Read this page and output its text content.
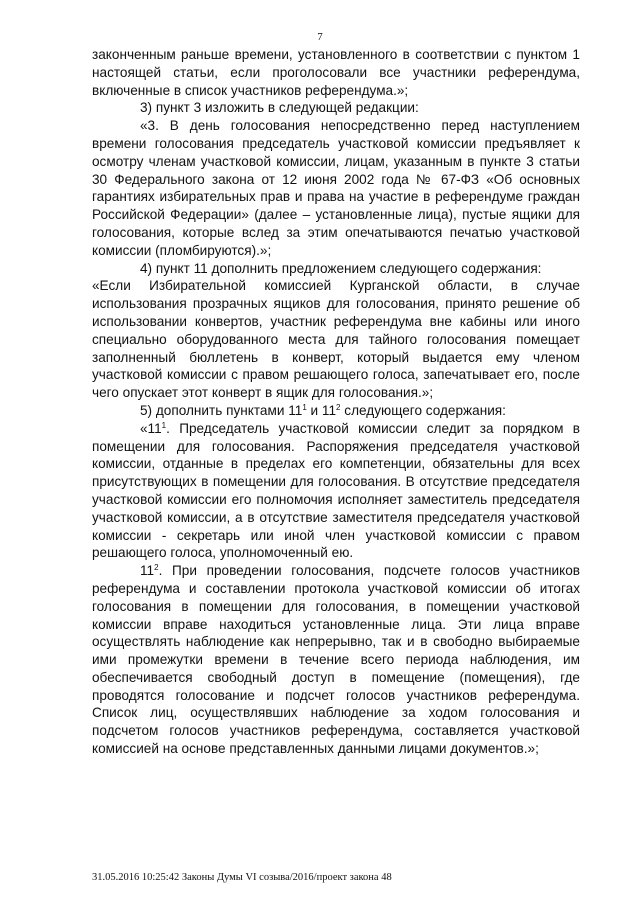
7

законченным раньше времени, установленного в соответствии с пунктом 1 настоящей статьи, если проголосовали все участники референдума, включенные в список участников референдума.»;

3) пункт 3 изложить в следующей редакции:

«3. В день голосования непосредственно перед наступлением времени голосования председатель участковой комиссии предъявляет к осмотру членам участковой комиссии, лицам, указанным в пункте 3 статьи 30 Федерального закона от 12 июня 2002 года № 67-ФЗ «Об основных гарантиях избирательных прав и права на участие в референдуме граждан Российской Федерации» (далее – установленные лица), пустые ящики для голосования, которые вслед за этим опечатываются печатью участковой комиссии (пломбируются).»;

4) пункт 11 дополнить предложением следующего содержания:

«Если Избирательной комиссией Курганской области, в случае использования прозрачных ящиков для голосования, принято решение об использовании конвертов, участник референдума вне кабины или иного специально оборудованного места для тайного голосования помещает заполненный бюллетень в конверт, который выдается ему членом участковой комиссии с правом решающего голоса, запечатывает его, после чего опускает этот конверт в ящик для голосования.»;

5) дополнить пунктами $11^1$ и $11^2$ следующего содержания:

«$11^1$. Председатель участковой комиссии следит за порядком в помещении для голосования. Распоряжения председателя участковой комиссии, отданные в пределах его компетенции, обязательны для всех присутствующих в помещении для голосования. В отсутствие председателя участковой комиссии его полномочия исполняет заместитель председателя участковой комиссии, а в отсутствие заместителя председателя участковой комиссии - секретарь или иной член участковой комиссии с правом решающего голоса, уполномоченный ею.

$11^2$. При проведении голосования, подсчете голосов участников референдума и составлении протокола участковой комиссии об итогах голосования в помещении для голосования, в помещении участковой комиссии вправе находиться установленные лица. Эти лица вправе осуществлять наблюдение как непрерывно, так и в свободно выбираемые ими промежутки времени в течение всего периода наблюдения, им обеспечивается свободный доступ в помещение (помещения), где проводятся голосование и подсчет голосов участников референдума. Список лиц, осуществлявших наблюдение за ходом голосования и подсчетом голосов участников референдума, составляется участковой комиссией на основе представленных данными лицами документов.»;

31.05.2016 10:25:42 Законы Думы VI созыва/2016/проект закона 48
